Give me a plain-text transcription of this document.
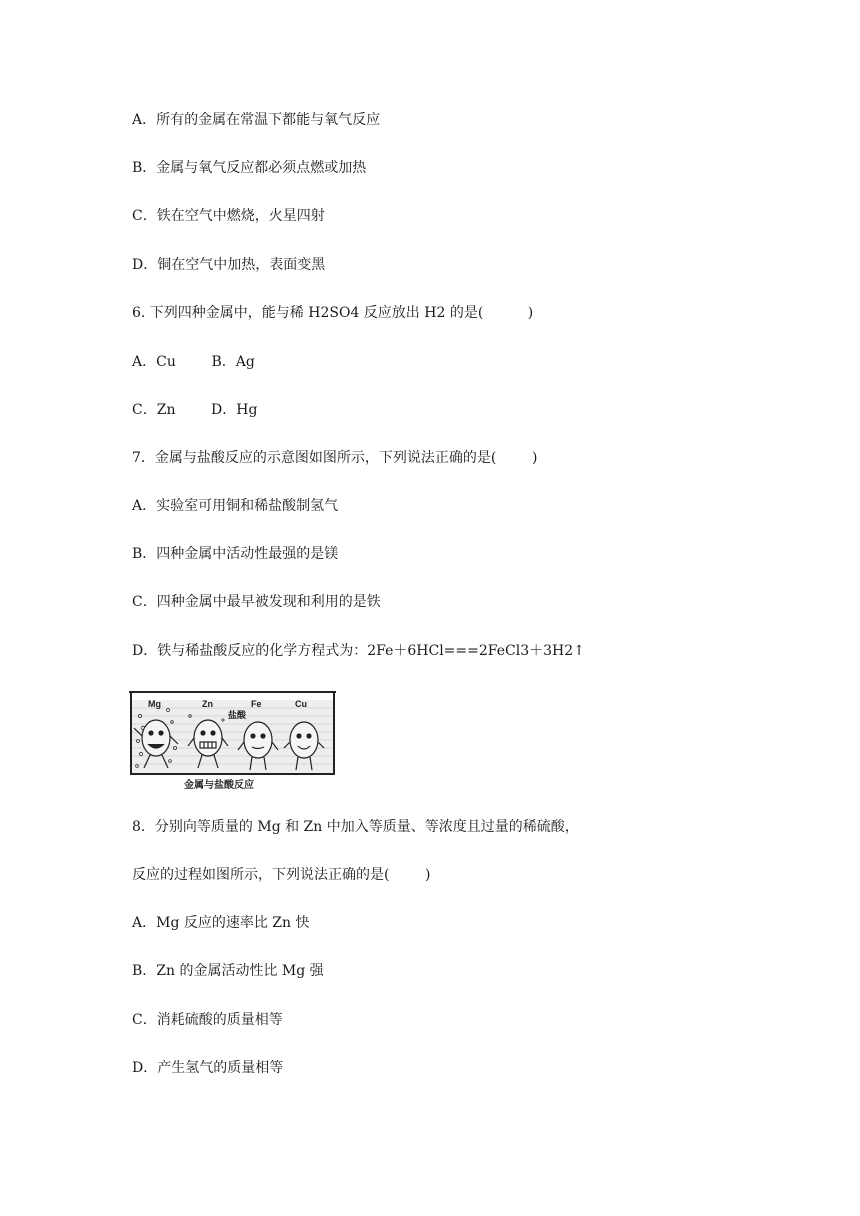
A．所有的金属在常温下都能与氧气反应
B．金属与氧气反应都必须点燃或加热
C．铁在空气中燃烧，火星四射
D．铜在空气中加热，表面变黑
6. 下列四种金属中，能与稀 H2SO4 反应放出 H2 的是(          )
A．Cu        B．Ag
C．Zn        D．Hg
7．金属与盐酸反应的示意图如图所示，下列说法正确的是(        )
A．实验室可用铜和稀盐酸制氢气
B．四种金属中活动性最强的是镁
C．四种金属中最早被发现和利用的是铁
D．铁与稀盐酸反应的化学方程式为：2Fe＋6HCl===2FeCl3＋3H2↑
Mg	Zn	Fe	Cu
盐酸
金属与盐酸反应
8．分别向等质量的 Mg 和 Zn 中加入等质量、等浓度且过量的稀硫酸，
反应的过程如图所示，下列说法正确的是(        )
A．Mg 反应的速率比 Zn 快
B．Zn 的金属活动性比 Mg 强
C．消耗硫酸的质量相等
D．产生氢气的质量相等
